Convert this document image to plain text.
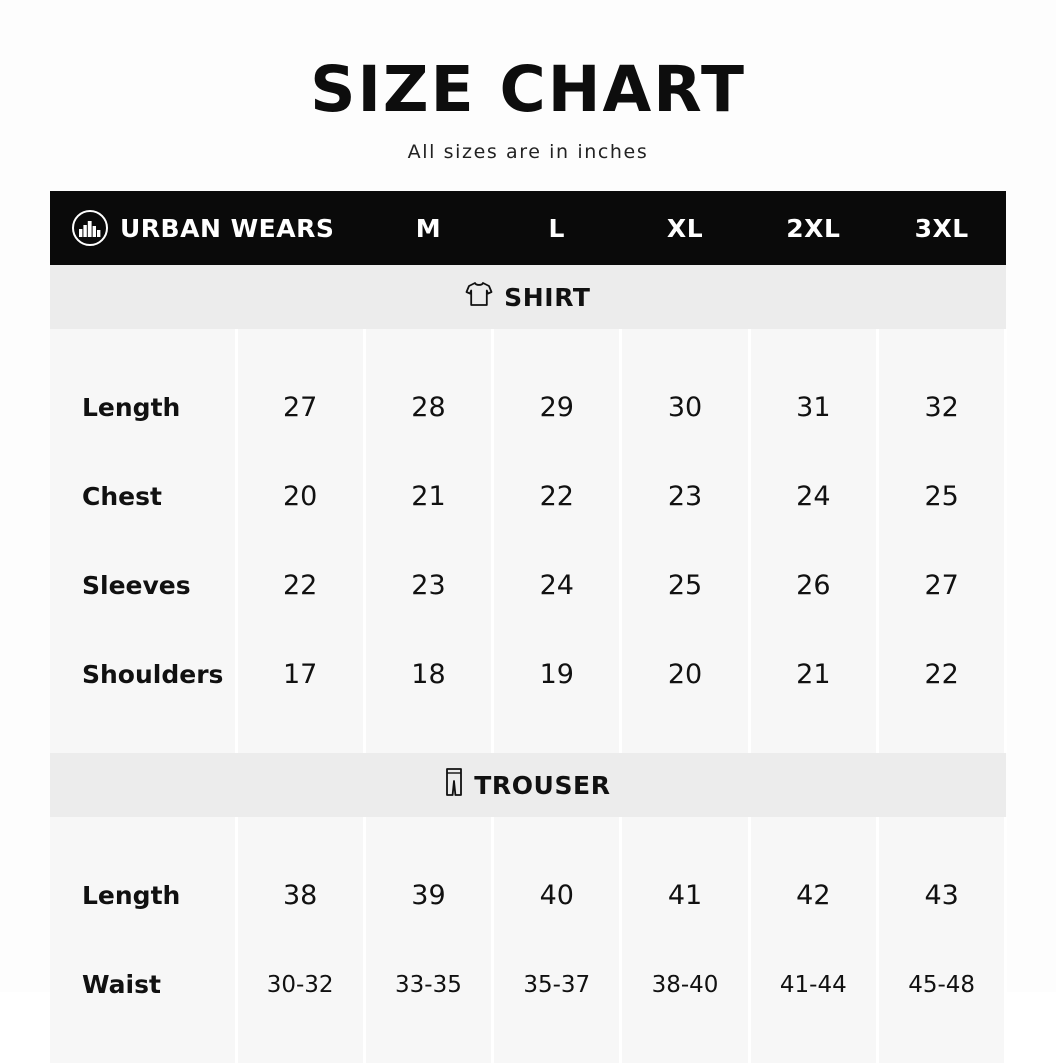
SIZE CHART
All sizes are in inches
URBAN WEARS		M	L	XL	2XL	3XL

SHIRT						

Length	27	28	29	30	31	32
Chest	20	21	22	23	24	25
Sleeves	22	23	24	25	26	27
Shoulders	17	18	19	20	21	22

TROUSER						

Length	38	39	40	41	42	43
Waist	30-32	33-35	35-37	38-40	41-44	45-48
